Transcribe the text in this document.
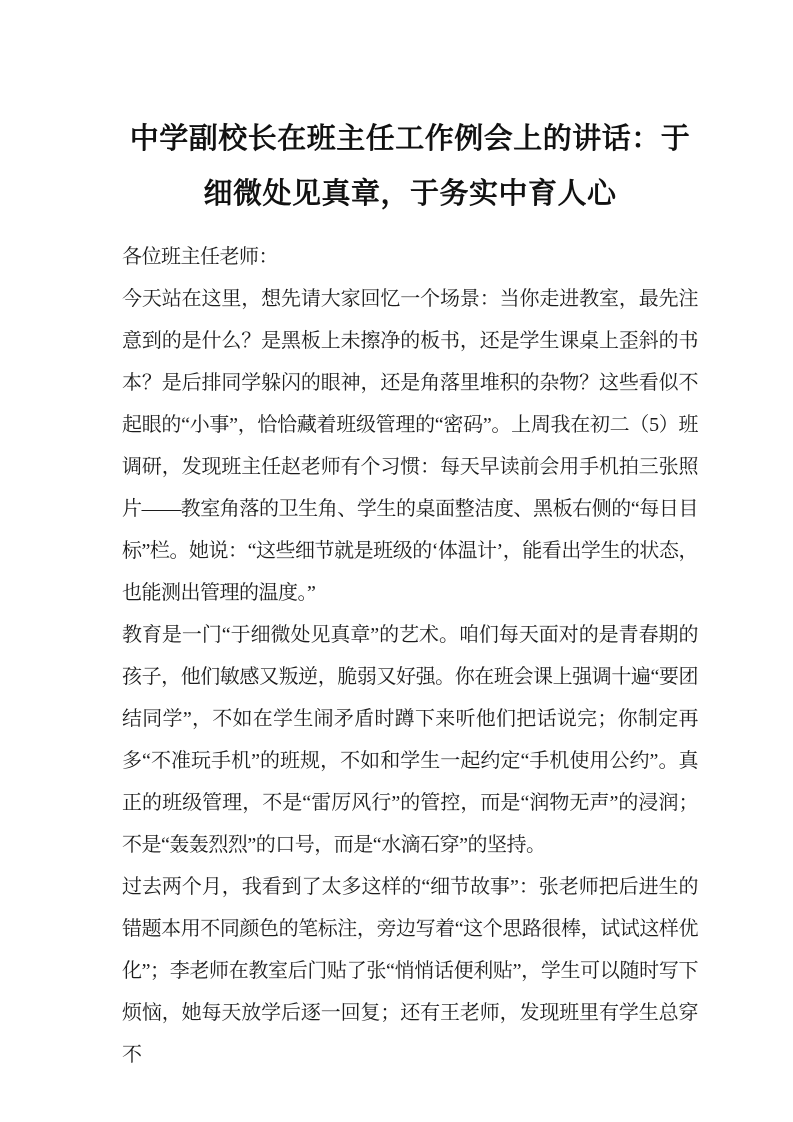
中学副校长在班主任工作例会上的讲话：于细微处见真章，于务实中育人心

各位班主任老师：

今天站在这里，想先请大家回忆一个场景：当你走进教室，最先注意到的是什么？是黑板上未擦净的板书，还是学生课桌上歪斜的书本？是后排同学躲闪的眼神，还是角落里堆积的杂物？这些看似不起眼的“小事”，恰恰藏着班级管理的“密码”。上周我在初二（5）班调研，发现班主任赵老师有个习惯：每天早读前会用手机拍三张照片——教室角落的卫生角、学生的桌面整洁度、黑板右侧的“每日目标”栏。她说：“这些细节就是班级的‘体温计’，能看出学生的状态，也能测出管理的温度。”

教育是一门“于细微处见真章”的艺术。咱们每天面对的是青春期的孩子，他们敏感又叛逆，脆弱又好强。你在班会课上强调十遍“要团结同学”，不如在学生闹矛盾时蹲下来听他们把话说完；你制定再多“不准玩手机”的班规，不如和学生一起约定“手机使用公约”。真正的班级管理，不是“雷厉风行”的管控，而是“润物无声”的浸润；不是“轰轰烈烈”的口号，而是“水滴石穿”的坚持。

过去两个月，我看到了太多这样的“细节故事”：张老师把后进生的错题本用不同颜色的笔标注，旁边写着“这个思路很棒，试试这样优化”；李老师在教室后门贴了张“悄悄话便利贴”，学生可以随时写下烦恼，她每天放学后逐一回复；还有王老师，发现班里有学生总穿不
